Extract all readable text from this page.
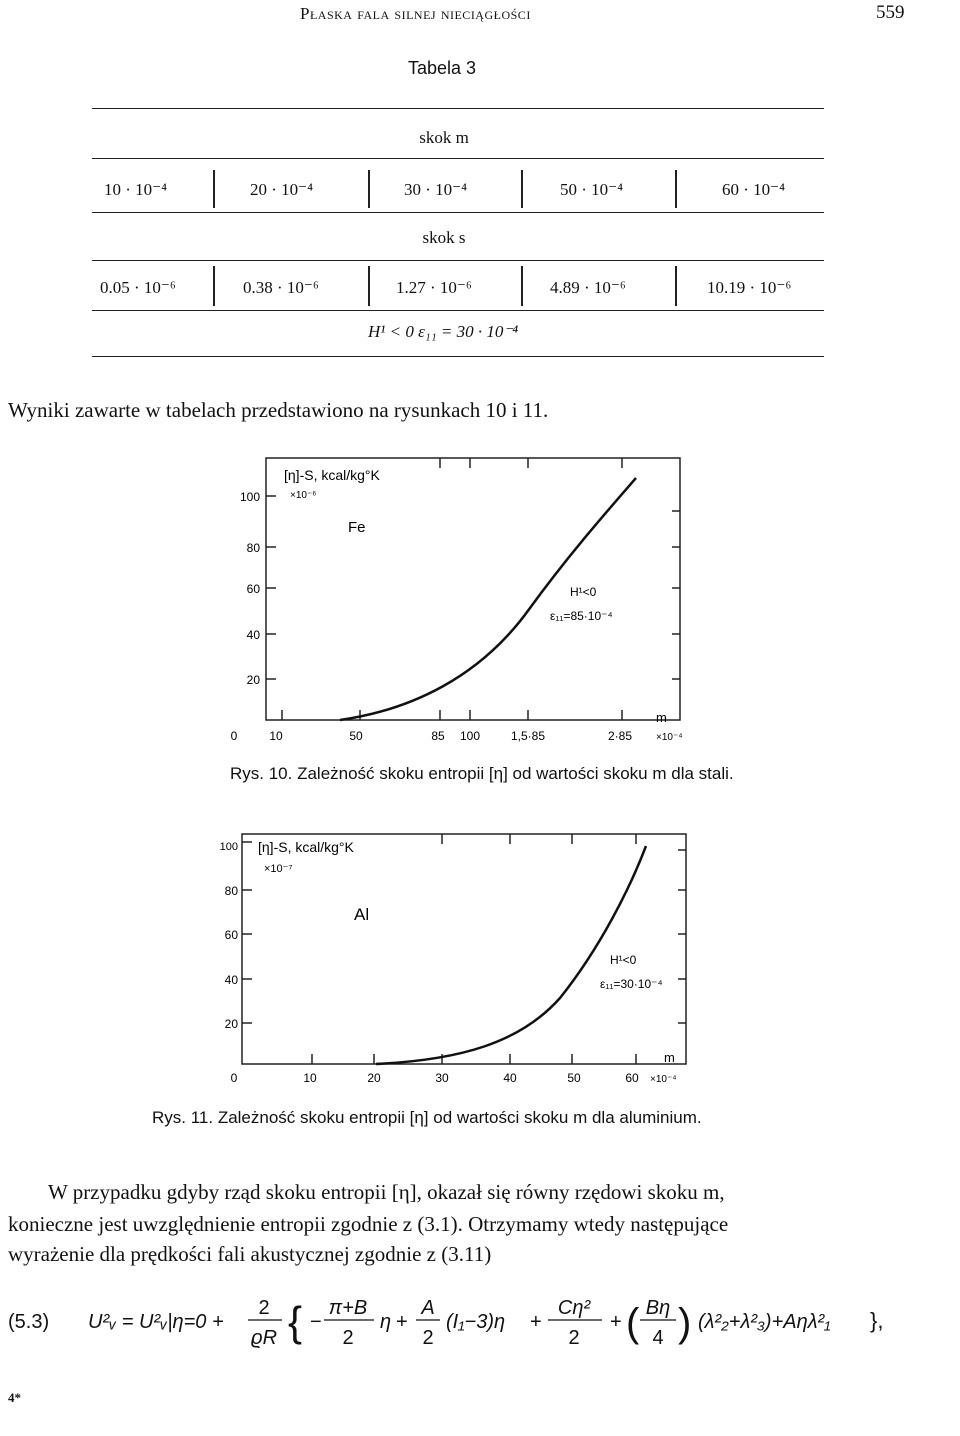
Płaska fala silnej nieciągłości	559
Tabela 3
skok m
10 · 10⁻⁴	20 · 10⁻⁴	30 · 10⁻⁴	50 · 10⁻⁴	60 · 10⁻⁴
skok s
0.05 · 10⁻⁶	0.38 · 10⁻⁶	1.27 · 10⁻⁶	4.89 · 10⁻⁶	10.19 · 10⁻⁶
H¹ < 0 ε₁₁ = 30 · 10⁻⁴
Wyniki zawarte w tabelach przedstawiono na rysunkach 10 i 11.
100
80
60
40
20
0	10	50	85 100	1,5·85	2·85 ×10⁻⁴
m
[η]-S, kcal/kg°K
×10⁻⁶
Fe
H¹<0
ε₁₁=85·10⁻⁴
Rys. 10. Zależność skoku entropii [η] od wartości skoku m dla stali.
100
80
60
40
20
0	10	20	30	40	50	60 ×10⁻⁴
m
[η]-S, kcal/kg°K
×10⁻⁷
Al
H¹<0
ε₁₁=30·10⁻⁴
Rys. 11. Zależność skoku entropii [η] od wartości skoku m dla aluminium.
W przypadku gdyby rząd skoku entropii [η], okazał się równy rzędowi skoku m,
konieczne jest uwzględnienie entropii zgodnie z (3.1). Otrzymamy wtedy następujące
wyrażenie dla prędkości fali akustycznej zgodnie z (3.11)
(5.3) U²ᵥ = U²ᵥ|η=0 +
2
ϱR { −
π+B
2
η +
A
2
(I₁−3)η +
Cη²
2
+ ( Bη
4 ) (λ²₂+λ²₃)+Aηλ²₁ },
4*
